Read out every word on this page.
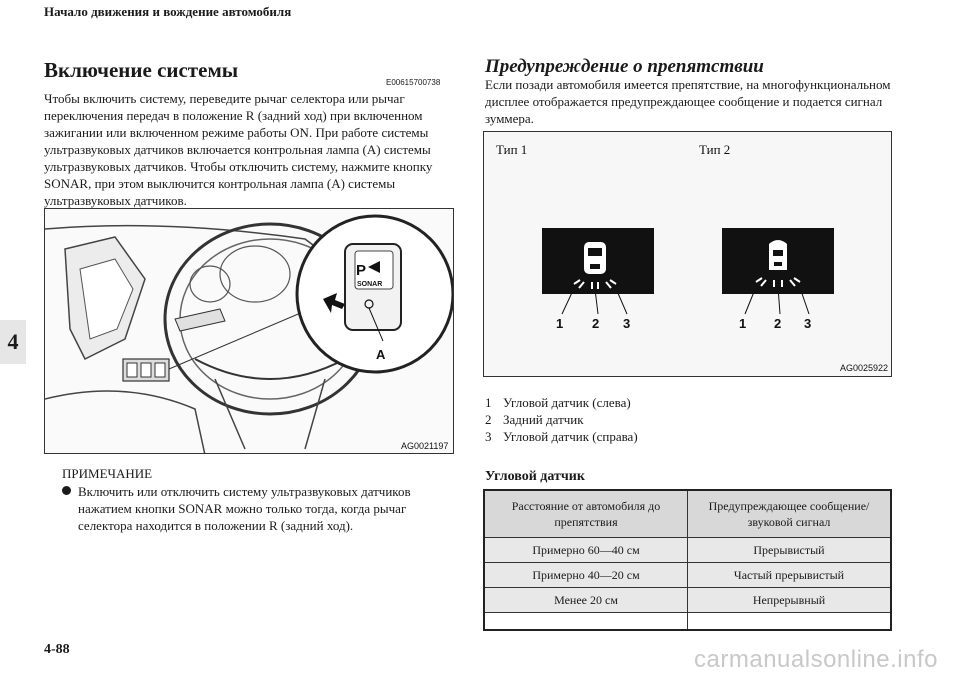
Начало движения и вождение автомобиля
4
Включение системы
E00615700738
Чтобы включить систему, переведите рычаг селектора или рычаг переключения передач в положение R (задний ход) при включенном зажигании или включенном режиме работы ON. При работе системы ультразвуковых датчиков включается контрольная лампа (A) системы ультразвуковых датчиков. Чтобы отключить систему, нажмите кнопку SONAR, при этом выключится контрольная лампа (A) системы ультразвуковых датчиков.
P
SONAR
A
AG0021197
ПРИМЕЧАНИЕ
Включить или отключить систему ультразвуковых датчиков нажатием кнопки SONAR можно только тогда, когда рычаг селектора находится в положении R (задний ход).
Предупреждение о препятствии
Если позади автомобиля имеется препятствие, на многофункциональном дисплее отображается предупреждающее сообщение и подается сигнал зуммера.
Тип 1	Тип 2
1 2 3	1 2 3
AG0025922
1 Угловой датчик (слева)
2 Задний датчик
3 Угловой датчик (справа)
Угловой датчик
Расстояние от автомобиля до препятствия	Предупреждающее сообщение/ звуковой сигнал
Примерно 60—40 см	Прерывистый
Примерно 40—20 см	Частый прерывистый
Менее 20 см	Непрерывный

4-88	carmanualsonline.info
